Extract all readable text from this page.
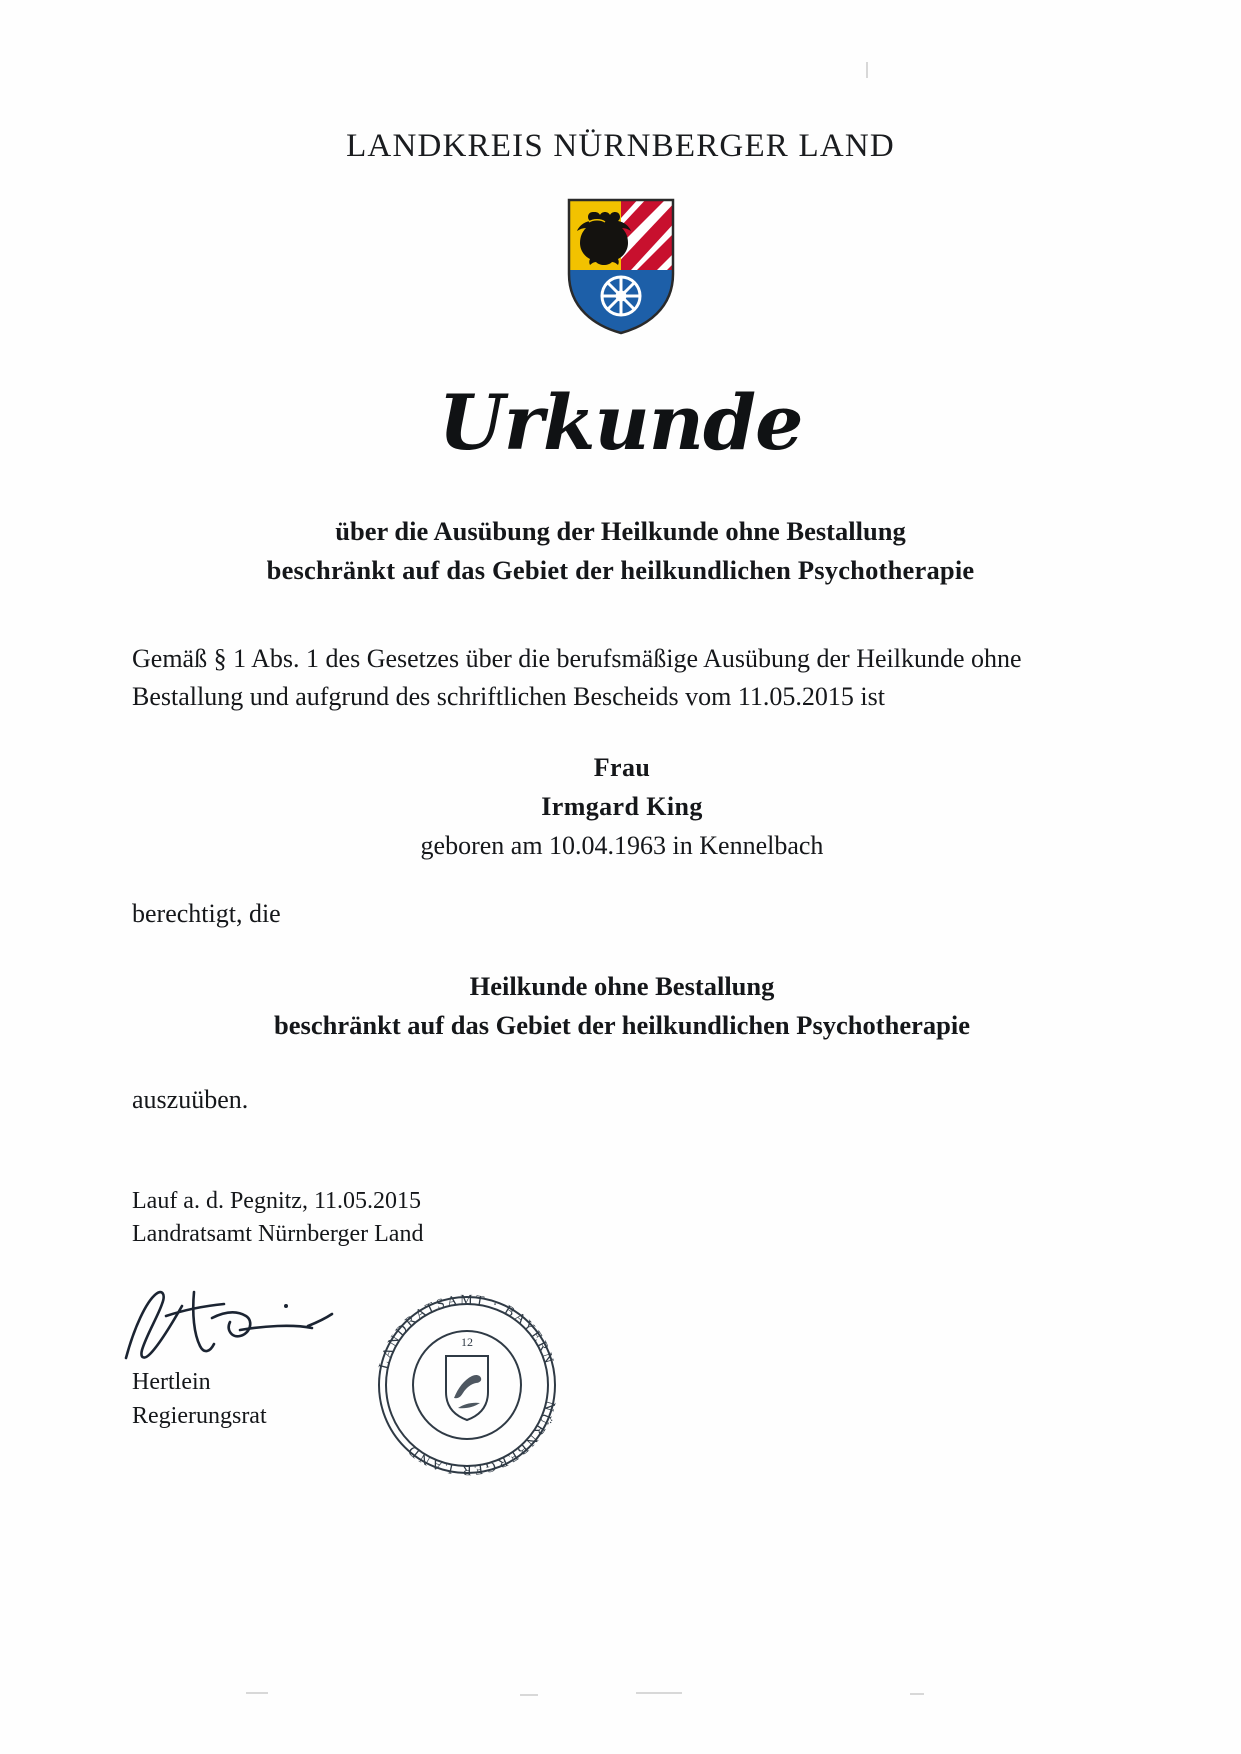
LANDKREIS NÜRNBERGER LAND
Urkunde
über die Ausübung der Heilkunde ohne Bestallung
beschränkt auf das Gebiet der heilkundlichen Psychotherapie
Gemäß § 1 Abs. 1 des Gesetzes über die berufsmäßige Ausübung der Heilkunde ohne Bestallung und aufgrund des schriftlichen Bescheids vom 11.05.2015 ist
Frau
Irmgard King
geboren am 10.04.1963 in Kennelbach
berechtigt, die
Heilkunde ohne Bestallung
beschränkt auf das Gebiet der heilkundlichen Psychotherapie
auszuüben.
Lauf a. d. Pegnitz, 11.05.2015
Landratsamt Nürnberger Land
Hertlein
Regierungsrat
LANDRATSAMT · BAYERN
NÜRNBERGER LAND
12
